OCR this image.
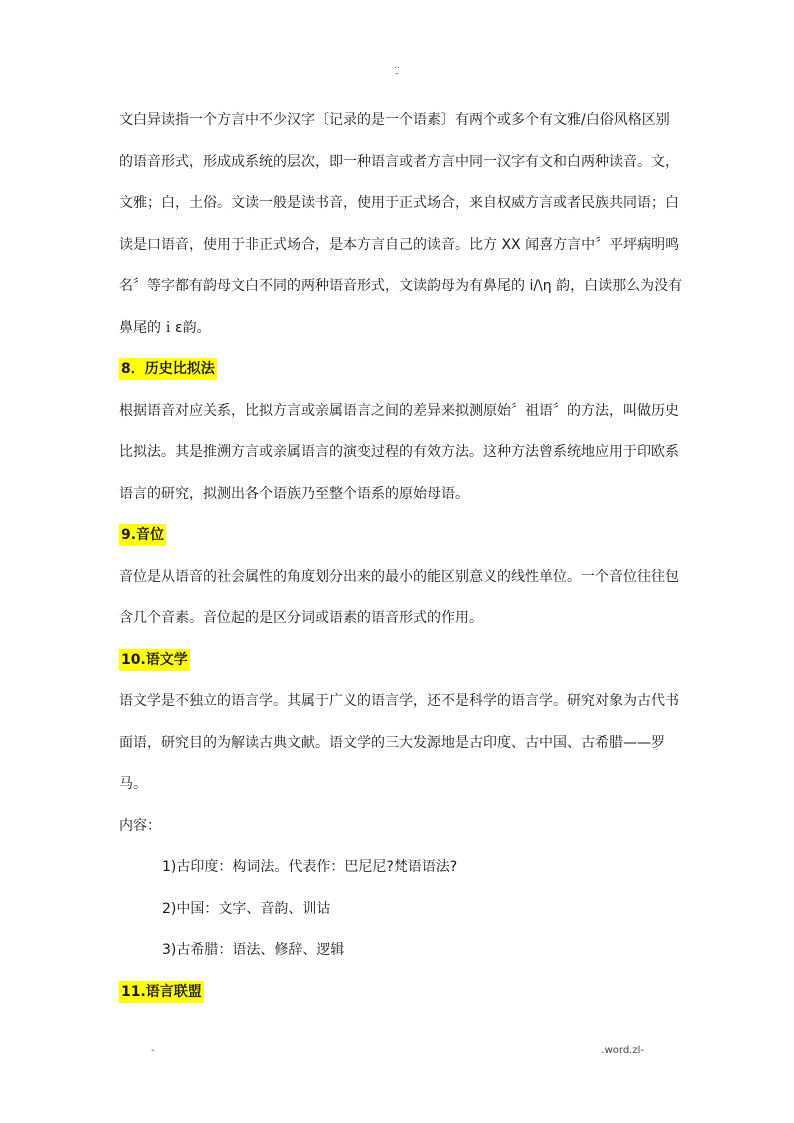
..
-

文白异读指一个方言中不少汉字〔记录的是一个语素〕有两个或多个有文雅/白俗风格区别

的语音形式，形成成系统的层次，即一种语言或者方言中同一汉字有文和白两种读音。文，

文雅；白，土俗。文读一般是读书音，使用于正式场合，来自权威方言或者民族共同语；白

读是口语音，使用于非正式场合，是本方言自己的读音。比方 XX 闻喜方言中〞平坪病明鸣

名〞等字都有韵母文白不同的两种语音形式，文读韵母为有鼻尾的 i/\η 韵，白读那么为没有

鼻尾的ｉɛ韵。

8．历史比拟法

根据语音对应关系，比拟方言或亲属语言之间的差异来拟测原始〞祖语〞的方法，叫做历史

比拟法。其是推溯方言或亲属语言的演变过程的有效方法。这种方法曾系统地应用于印欧系

语言的研究，拟测出各个语族乃至整个语系的原始母语。

9.音位

音位是从语音的社会属性的角度划分出来的最小的能区别意义的线性单位。一个音位往往包

含几个音素。音位起的是区分词或语素的语音形式的作用。

10.语文学

语文学是不独立的语言学。其属于广义的语言学，还不是科学的语言学。研究对象为古代书

面语，研究目的为解读古典文献。语文学的三大发源地是古印度、古中国、古希腊——罗

马。

内容：

1)古印度：构词法。代表作：巴尼尼?梵语语法?

2)中国：文字、音韵、训诂

3)古希腊：语法、修辞、逻辑

11.语言联盟

-	.word.zl-
